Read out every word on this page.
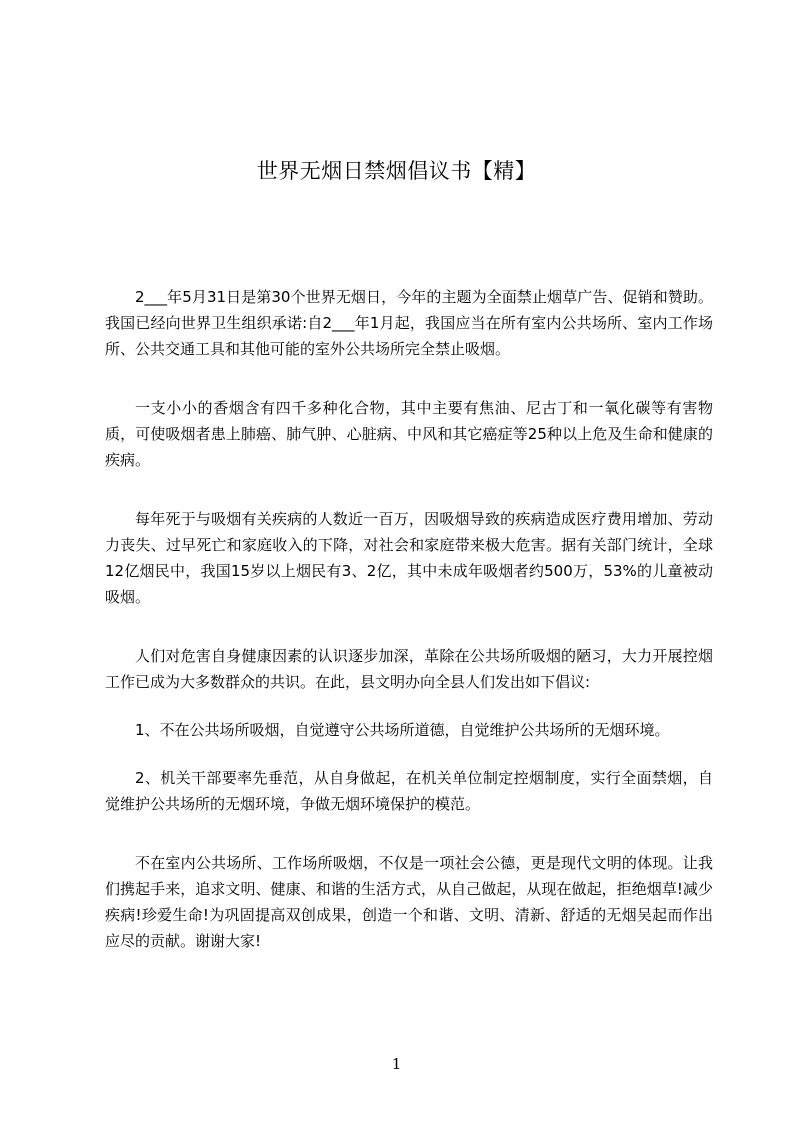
世界无烟日禁烟倡议书【精】

2___年5月31日是第30个世界无烟日，今年的主题为全面禁止烟草广告、促销和赞助。我国已经向世界卫生组织承诺:自2___年1月起，我国应当在所有室内公共场所、室内工作场所、公共交通工具和其他可能的室外公共场所完全禁止吸烟。

一支小小的香烟含有四千多种化合物，其中主要有焦油、尼古丁和一氧化碳等有害物质，可使吸烟者患上肺癌、肺气肿、心脏病、中风和其它癌症等25种以上危及生命和健康的疾病。

每年死于与吸烟有关疾病的人数近一百万，因吸烟导致的疾病造成医疗费用增加、劳动力丧失、过早死亡和家庭收入的下降，对社会和家庭带来极大危害。据有关部门统计，全球12亿烟民中，我国15岁以上烟民有3、2亿，其中未成年吸烟者约500万，53%的儿童被动吸烟。

人们对危害自身健康因素的认识逐步加深，革除在公共场所吸烟的陋习，大力开展控烟工作已成为大多数群众的共识。在此，县文明办向全县人们发出如下倡议:

1、不在公共场所吸烟，自觉遵守公共场所道德，自觉维护公共场所的无烟环境。

2、机关干部要率先垂范，从自身做起，在机关单位制定控烟制度，实行全面禁烟，自觉维护公共场所的无烟环境，争做无烟环境保护的模范。

不在室内公共场所、工作场所吸烟，不仅是一项社会公德，更是现代文明的体现。让我们携起手来，追求文明、健康、和谐的生活方式，从自己做起，从现在做起，拒绝烟草!减少疾病!珍爱生命!为巩固提高双创成果，创造一个和谐、文明、清新、舒适的无烟吴起而作出应尽的贡献。谢谢大家!

1
